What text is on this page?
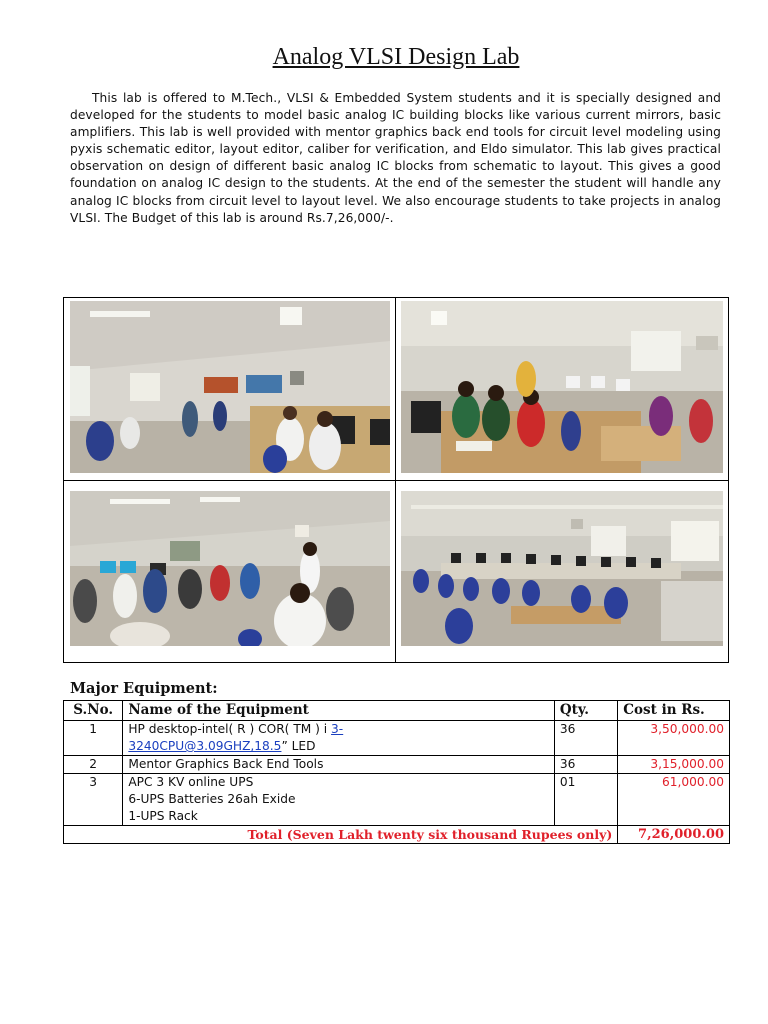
Analog VLSI Design Lab

This lab is offered to M.Tech., VLSI & Embedded System students and it is specially designed and developed for the students to model basic analog IC building blocks like various current mirrors, basic amplifiers. This lab is well provided with mentor graphics back end tools for circuit level modeling using pyxis schematic editor, layout editor, caliber for verification, and Eldo simulator. This lab gives practical observation on design of different basic analog IC blocks from schematic to layout. This gives a good foundation on analog IC design to the students. At the end of the semester the student will handle any analog IC blocks from circuit level to layout level. We also encourage students to take projects in analog VLSI. The Budget of this lab is around Rs.7,26,000/-.

Major Equipment:
S.No.	Name of the Equipment	Qty.	Cost in Rs.
1	HP desktop-intel( R ) COR( TM ) i 3-
3240CPU@3.09GHZ,18.5” LED	36	3,50,000.00
2	Mentor Graphics Back End Tools	36	3,15,000.00
3	APC 3 KV online UPS
6-UPS Batteries 26ah Exide
1-UPS Rack	01	61,000.00
Total (Seven Lakh twenty six thousand Rupees only)			7,26,000.00
